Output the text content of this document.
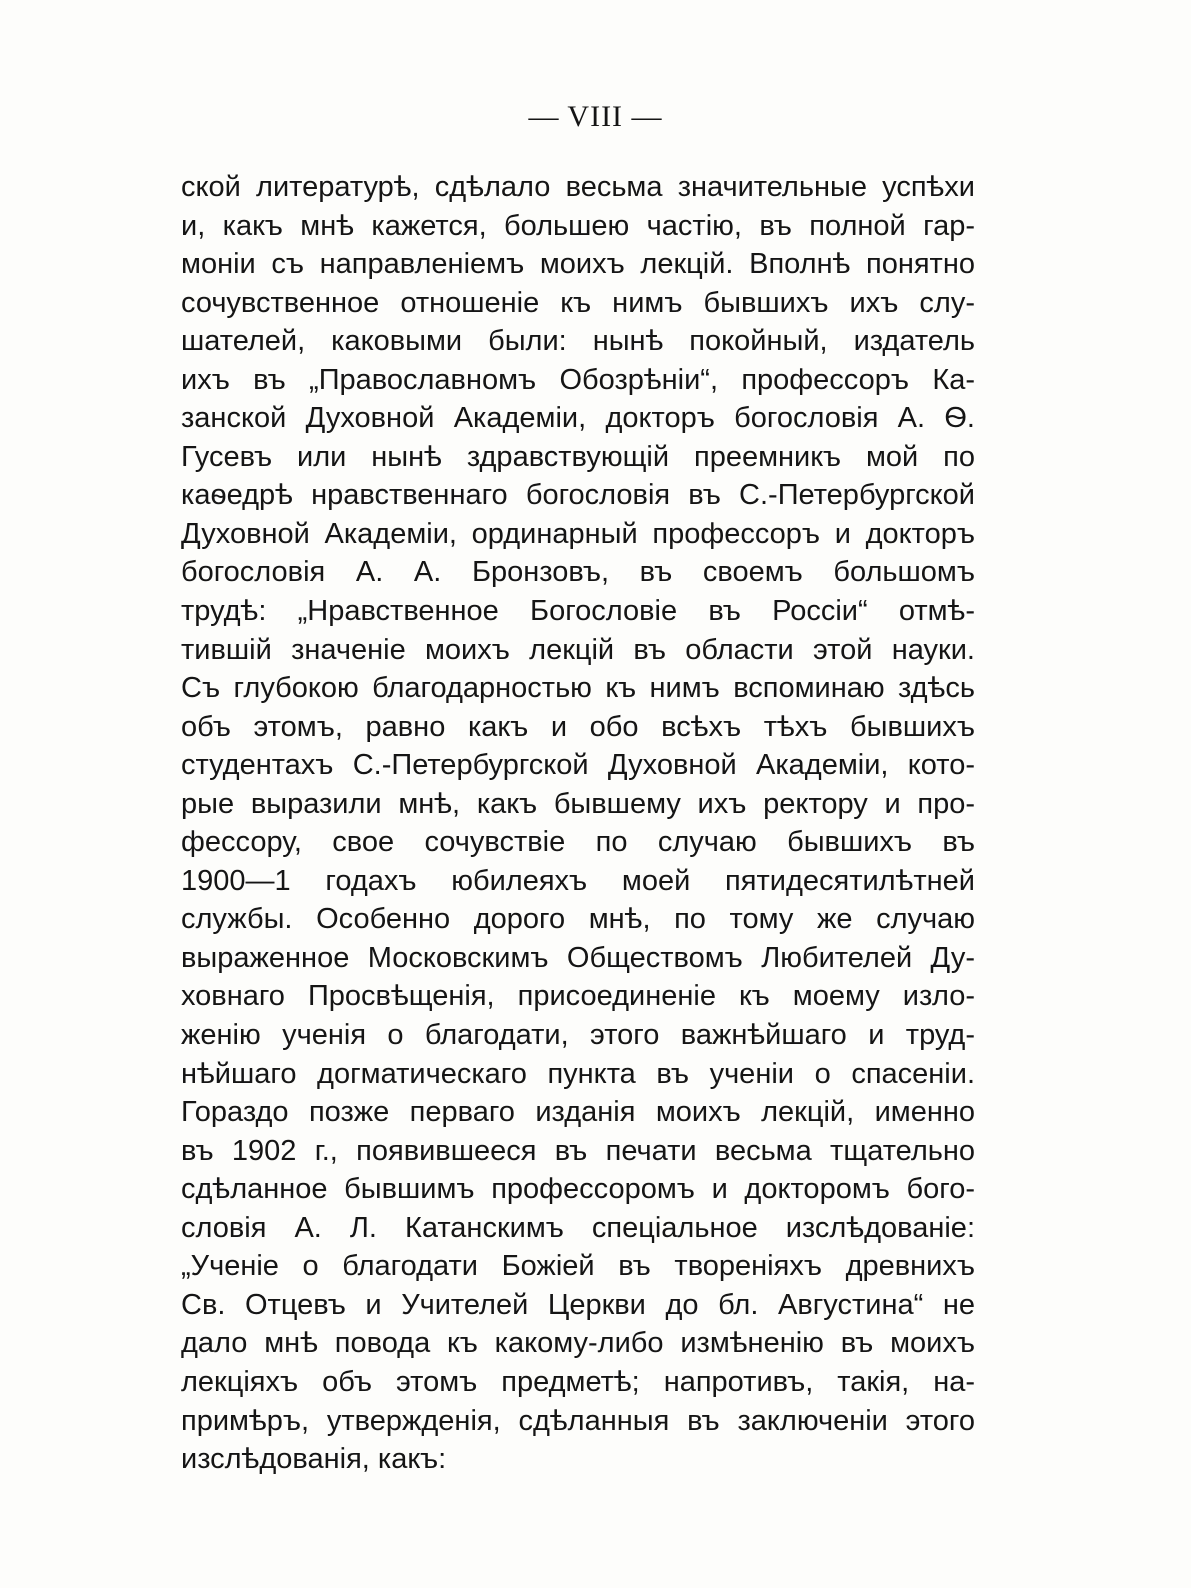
— VIII —
ской литературѣ, сдѣлало весьма значительные успѣхи
и, какъ мнѣ кажется, большею частію, въ полной гар-
моніи съ направленіемъ моихъ лекцій. Вполнѣ понятно
сочувственное отношеніе къ нимъ бывшихъ ихъ слу-
шателей, каковыми были: нынѣ покойный, издатель
ихъ въ „Православномъ Обозрѣніи“, профессоръ Ка-
занской Духовной Академіи, докторъ богословія А. Ѳ.
Гусевъ или нынѣ здравствующій преемникъ мой по
каѳедрѣ нравственнаго богословія въ С.-Петербургской
Духовной Академіи, ординарный профессоръ и докторъ
богословія А. А. Бронзовъ, въ своемъ большомъ
трудѣ: „Нравственное Богословіе въ Россіи“ отмѣ-
тившій значеніе моихъ лекцій въ области этой науки.
Съ глубокою благодарностью къ нимъ вспоминаю здѣсь
объ этомъ, равно какъ и обо всѣхъ тѣхъ бывшихъ
студентахъ С.-Петербургской Духовной Академіи, кото-
рые выразили мнѣ, какъ бывшему ихъ ректору и про-
фессору, свое сочувствіе по случаю бывшихъ въ
1900—1 годахъ юбилеяхъ моей пятидесятилѣтней
службы. Особенно дорого мнѣ, по тому же случаю
выраженное Московскимъ Обществомъ Любителей Ду-
ховнаго Просвѣщенія, присоединеніе къ моему изло-
женію ученія о благодати, этого важнѣйшаго и труд-
нѣйшаго догматическаго пункта въ ученіи о спасеніи.
Гораздо позже перваго изданія моихъ лекцій, именно
въ 1902 г., появившееся въ печати весьма тщательно
сдѣланное бывшимъ профессоромъ и докторомъ бого-
словія А. Л. Катанскимъ спеціальное изслѣдованіе:
„Ученіе о благодати Божіей въ твореніяхъ древнихъ
Св. Отцевъ и Учителей Церкви до бл. Августина“ не
дало мнѣ повода къ какому-либо измѣненію въ моихъ
лекціяхъ объ этомъ предметѣ; напротивъ, такія, на-
примѣръ, утвержденія, сдѣланныя въ заключеніи этого
изслѣдованія, какъ:
